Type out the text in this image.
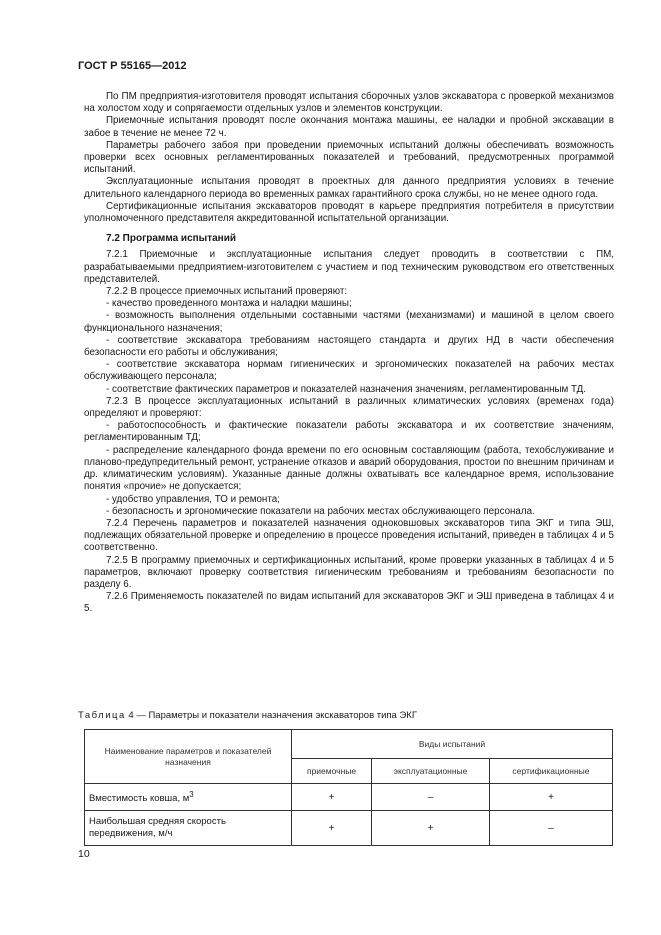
ГОСТ Р 55165—2012

По ПМ предприятия-изготовителя проводят испытания сборочных узлов экскаватора с проверкой механизмов на холостом ходу и сопрягаемости отдельных узлов и элементов конструкции.

Приемочные испытания проводят после окончания монтажа машины, ее наладки и пробной экскавации в забое в течение не менее 72 ч.

Параметры рабочего забоя при проведении приемочных испытаний должны обеспечивать возможность проверки всех основных регламентированных показателей и требований, предусмотренных программой испытаний.

Эксплуатационные испытания проводят в проектных для данного предприятия условиях в течение длительного календарного периода во временных рамках гарантийного срока службы, но не менее одного года.

Сертификационные испытания экскаваторов проводят в карьере предприятия потребителя в присутствии уполномоченного представителя аккредитованной испытательной организации.

7.2 Программа испытаний

7.2.1 Приемочные и эксплуатационные испытания следует проводить в соответствии с ПМ, разрабатываемыми предприятием-изготовителем с участием и под техническим руководством его ответственных представителей.

7.2.2 В процессе приемочных испытаний проверяют:

- качество проведенного монтажа и наладки машины;

- возможность выполнения отдельными составными частями (механизмами) и машиной в целом своего функционального назначения;

- соответствие экскаватора требованиям настоящего стандарта и других НД в части обеспечения безопасности его работы и обслуживания;

- соответствие экскаватора нормам гигиенических и эргономических показателей на рабочих местах обслуживающего персонала;

- соответствие фактических параметров и показателей назначения значениям, регламентированным ТД.

7.2.3 В процессе эксплуатационных испытаний в различных климатических условиях (временах года) определяют и проверяют:

- работоспособность и фактические показатели работы экскаватора и их соответствие значениям, регламентированным ТД;

- распределение календарного фонда времени по его основным составляющим (работа, техобслуживание и планово-предупредительный ремонт, устранение отказов и аварий оборудования, простои по внешним причинам и др. климатическим условиям). Указанные данные должны охватывать все календарное время, использование понятия «прочие» не допускается;

- удобство управления, ТО и ремонта;

- безопасность и эргономические показатели на рабочих местах обслуживающего персонала.

7.2.4 Перечень параметров и показателей назначения одноковшовых экскаваторов типа ЭКГ и типа ЭШ, подлежащих обязательной проверке и определению в процессе проведения испытаний, приведен в таблицах 4 и 5 соответственно.

7.2.5 В программу приемочных и сертификационных испытаний, кроме проверки указанных в таблицах 4 и 5 параметров, включают проверку соответствия гигиеническим требованиям и требованиям безопасности по разделу 6.

7.2.6 Применяемость показателей по видам испытаний для экскаваторов ЭКГ и ЭШ приведена в таблицах 4 и 5.

Таблица 4 — Параметры и показатели назначения экскаваторов типа ЭКГ
Наименование параметров и показателей назначения	Виды испытаний		
	приемочные	эксплуатационные	сертификационные
Вместимость ковша, $м^3$	+	–	+
Наибольшая средняя скорость передвижения, м/ч	+	+	–
10
